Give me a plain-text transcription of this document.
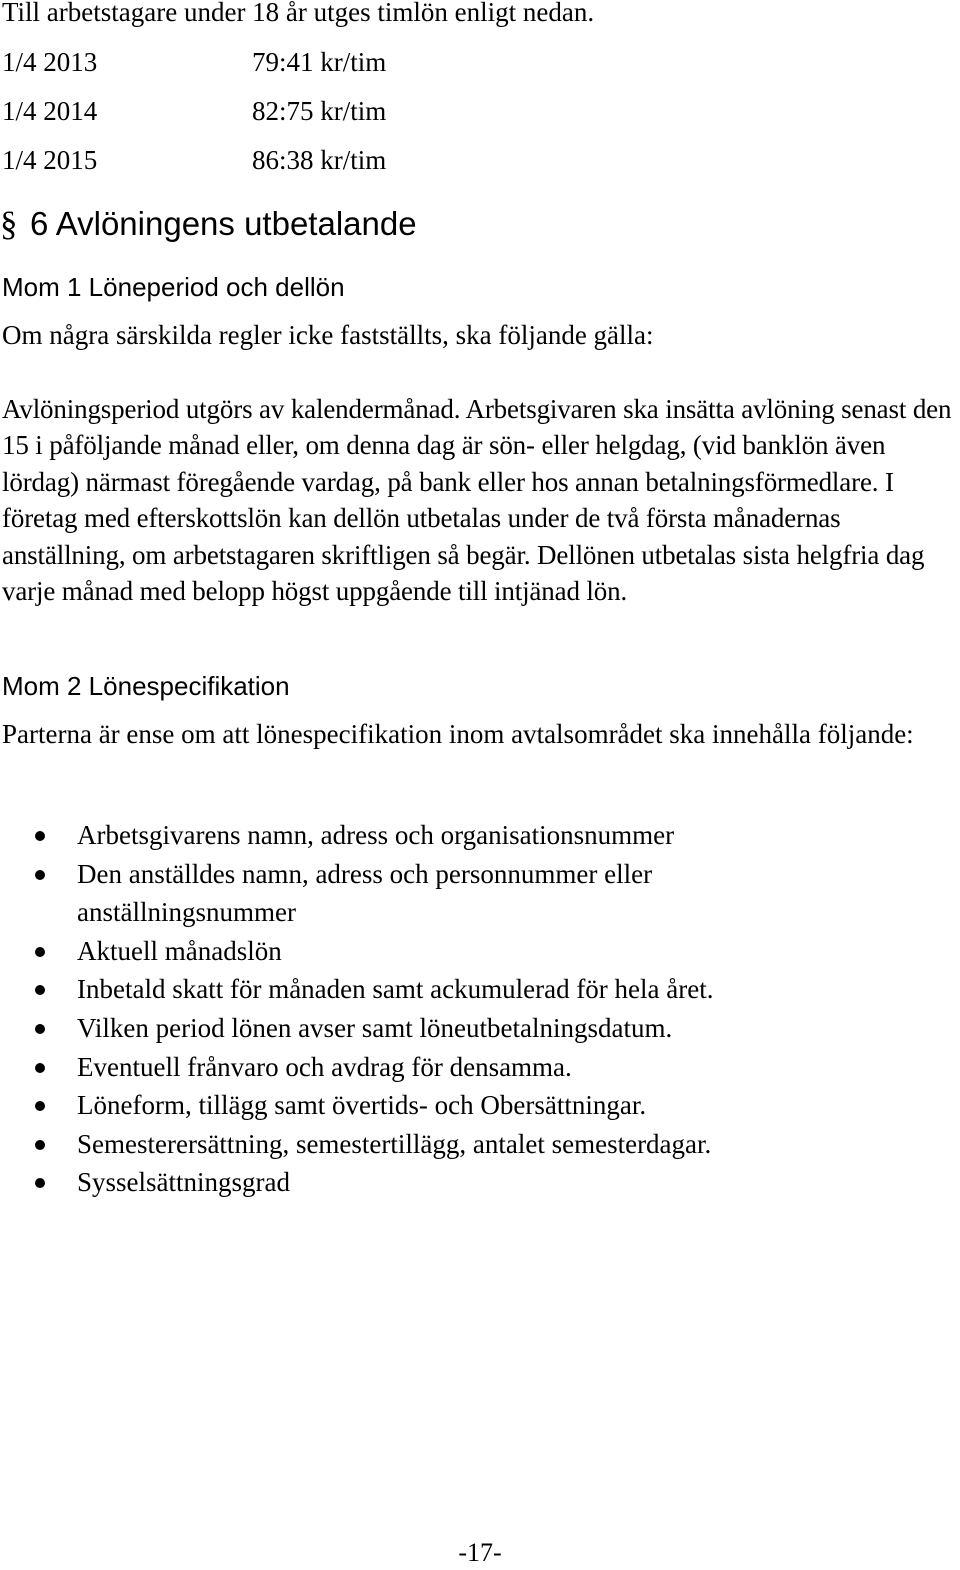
Till arbetstagare under 18 år utges timlön enligt nedan.
1/4 2013	79:41 kr/tim
1/4 2014	82:75 kr/tim
1/4 2015	86:38 kr/tim
§ 6 Avlöningens utbetalande
Mom 1 Löneperiod och dellön
Om några särskilda regler icke fastställts, ska följande gälla:
Avlöningsperiod utgörs av kalendermånad. Arbetsgivaren ska insätta avlöning senast den 15 i påföljande månad eller, om denna dag är sön- eller helgdag, (vid banklön även lördag) närmast föregående vardag, på bank eller hos annan betalningsförmedlare. I företag med efterskottslön kan dellön utbetalas under de två första månadernas anställning, om arbetstagaren skriftligen så begär. Dellönen utbetalas sista helgfria dag varje månad med belopp högst uppgående till intjänad lön.
Mom 2 Lönespecifikation
Parterna är ense om att lönespecifikation inom avtalsområdet ska innehålla följande:
Arbetsgivarens namn, adress och organisationsnummer
Den anställdes namn, adress och personnummer eller anställningsnummer
Aktuell månadslön
Inbetald skatt för månaden samt ackumulerad för hela året.
Vilken period lönen avser samt löneutbetalningsdatum.
Eventuell frånvaro och avdrag för densamma.
Löneform, tillägg samt övertids- och Obersättningar.
Semesterersättning, semestertillägg, antalet semesterdagar.
Sysselsättningsgrad
-17-
